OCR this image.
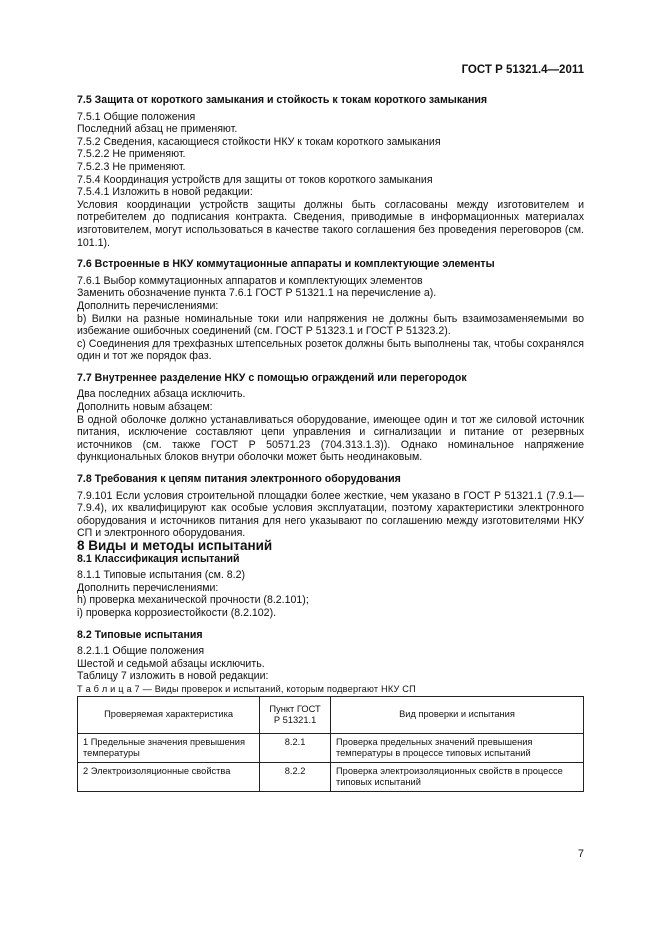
ГОСТ Р 51321.4—2011

7.5 Защита от короткого замыкания и стойкость к токам короткого замыкания

7.5.1 Общие положения

Последний абзац не применяют.

7.5.2 Сведения, касающиеся стойкости НКУ к токам короткого замыкания

7.5.2.2 Не применяют.

7.5.2.3 Не применяют.

7.5.4 Координация устройств для защиты от токов короткого замыкания

7.5.4.1 Изложить в новой редакции:

Условия координации устройств защиты должны быть согласованы между изготовителем и потребителем до подписания контракта. Сведения, приводимые в информационных материалах изготовителем, могут использоваться в качестве такого соглашения без проведения переговоров (см. 101.1).

7.6 Встроенные в НКУ коммутационные аппараты и комплектующие элементы

7.6.1 Выбор коммутационных аппаратов и комплектующих элементов

Заменить обозначение пункта 7.6.1 ГОСТ Р 51321.1 на перечисление а).

Дополнить перечислениями:

b) Вилки на разные номинальные токи или напряжения не должны быть взаимозаменяемыми во избежание ошибочных соединений (см. ГОСТ Р 51323.1 и ГОСТ Р 51323.2).

c) Соединения для трехфазных штепсельных розеток должны быть выполнены так, чтобы сохранялся один и тот же порядок фаз.

7.7 Внутреннее разделение НКУ с помощью ограждений или перегородок

Два последних абзаца исключить.

Дополнить новым абзацем:

В одной оболочке должно устанавливаться оборудование, имеющее один и тот же силовой источник питания, исключение составляют цепи управления и сигнализации и питание от резервных источников (см. также ГОСТ Р 50571.23 (704.313.1.3)). Однако номинальное напряжение функциональных блоков внутри оболочки может быть неодинаковым.

7.8 Требования к цепям питания электронного оборудования

7.9.101 Если условия строительной площадки более жесткие, чем указано в ГОСТ Р 51321.1 (7.9.1—7.9.4), их квалифицируют как особые условия эксплуатации, поэтому характеристики электронного оборудования и источников питания для него указывают по соглашению между изготовителями НКУ СП и электронного оборудования.

8 Виды и методы испытаний

8.1 Классификация испытаний

8.1.1 Типовые испытания (см. 8.2)

Дополнить перечислениями:

h) проверка механической прочности (8.2.101);

i) проверка коррозиестойкости (8.2.102).

8.2 Типовые испытания

8.2.1.1 Общие положения

Шестой и седьмой абзацы исключить.

Таблицу 7 изложить в новой редакции:

Т а б л и ц а 7 — Виды проверок и испытаний, которым подвергают НКУ СП

Проверяемая характеристика	Пункт ГОСТ Р 51321.1	Вид проверки и испытания
1 Предельные значения превышения температуры	8.2.1	Проверка предельных значений превышения температуры в процессе типовых испытаний
2 Электроизоляционные свойства	8.2.2	Проверка электроизоляционных свойств в процессе типовых испытаний
7
